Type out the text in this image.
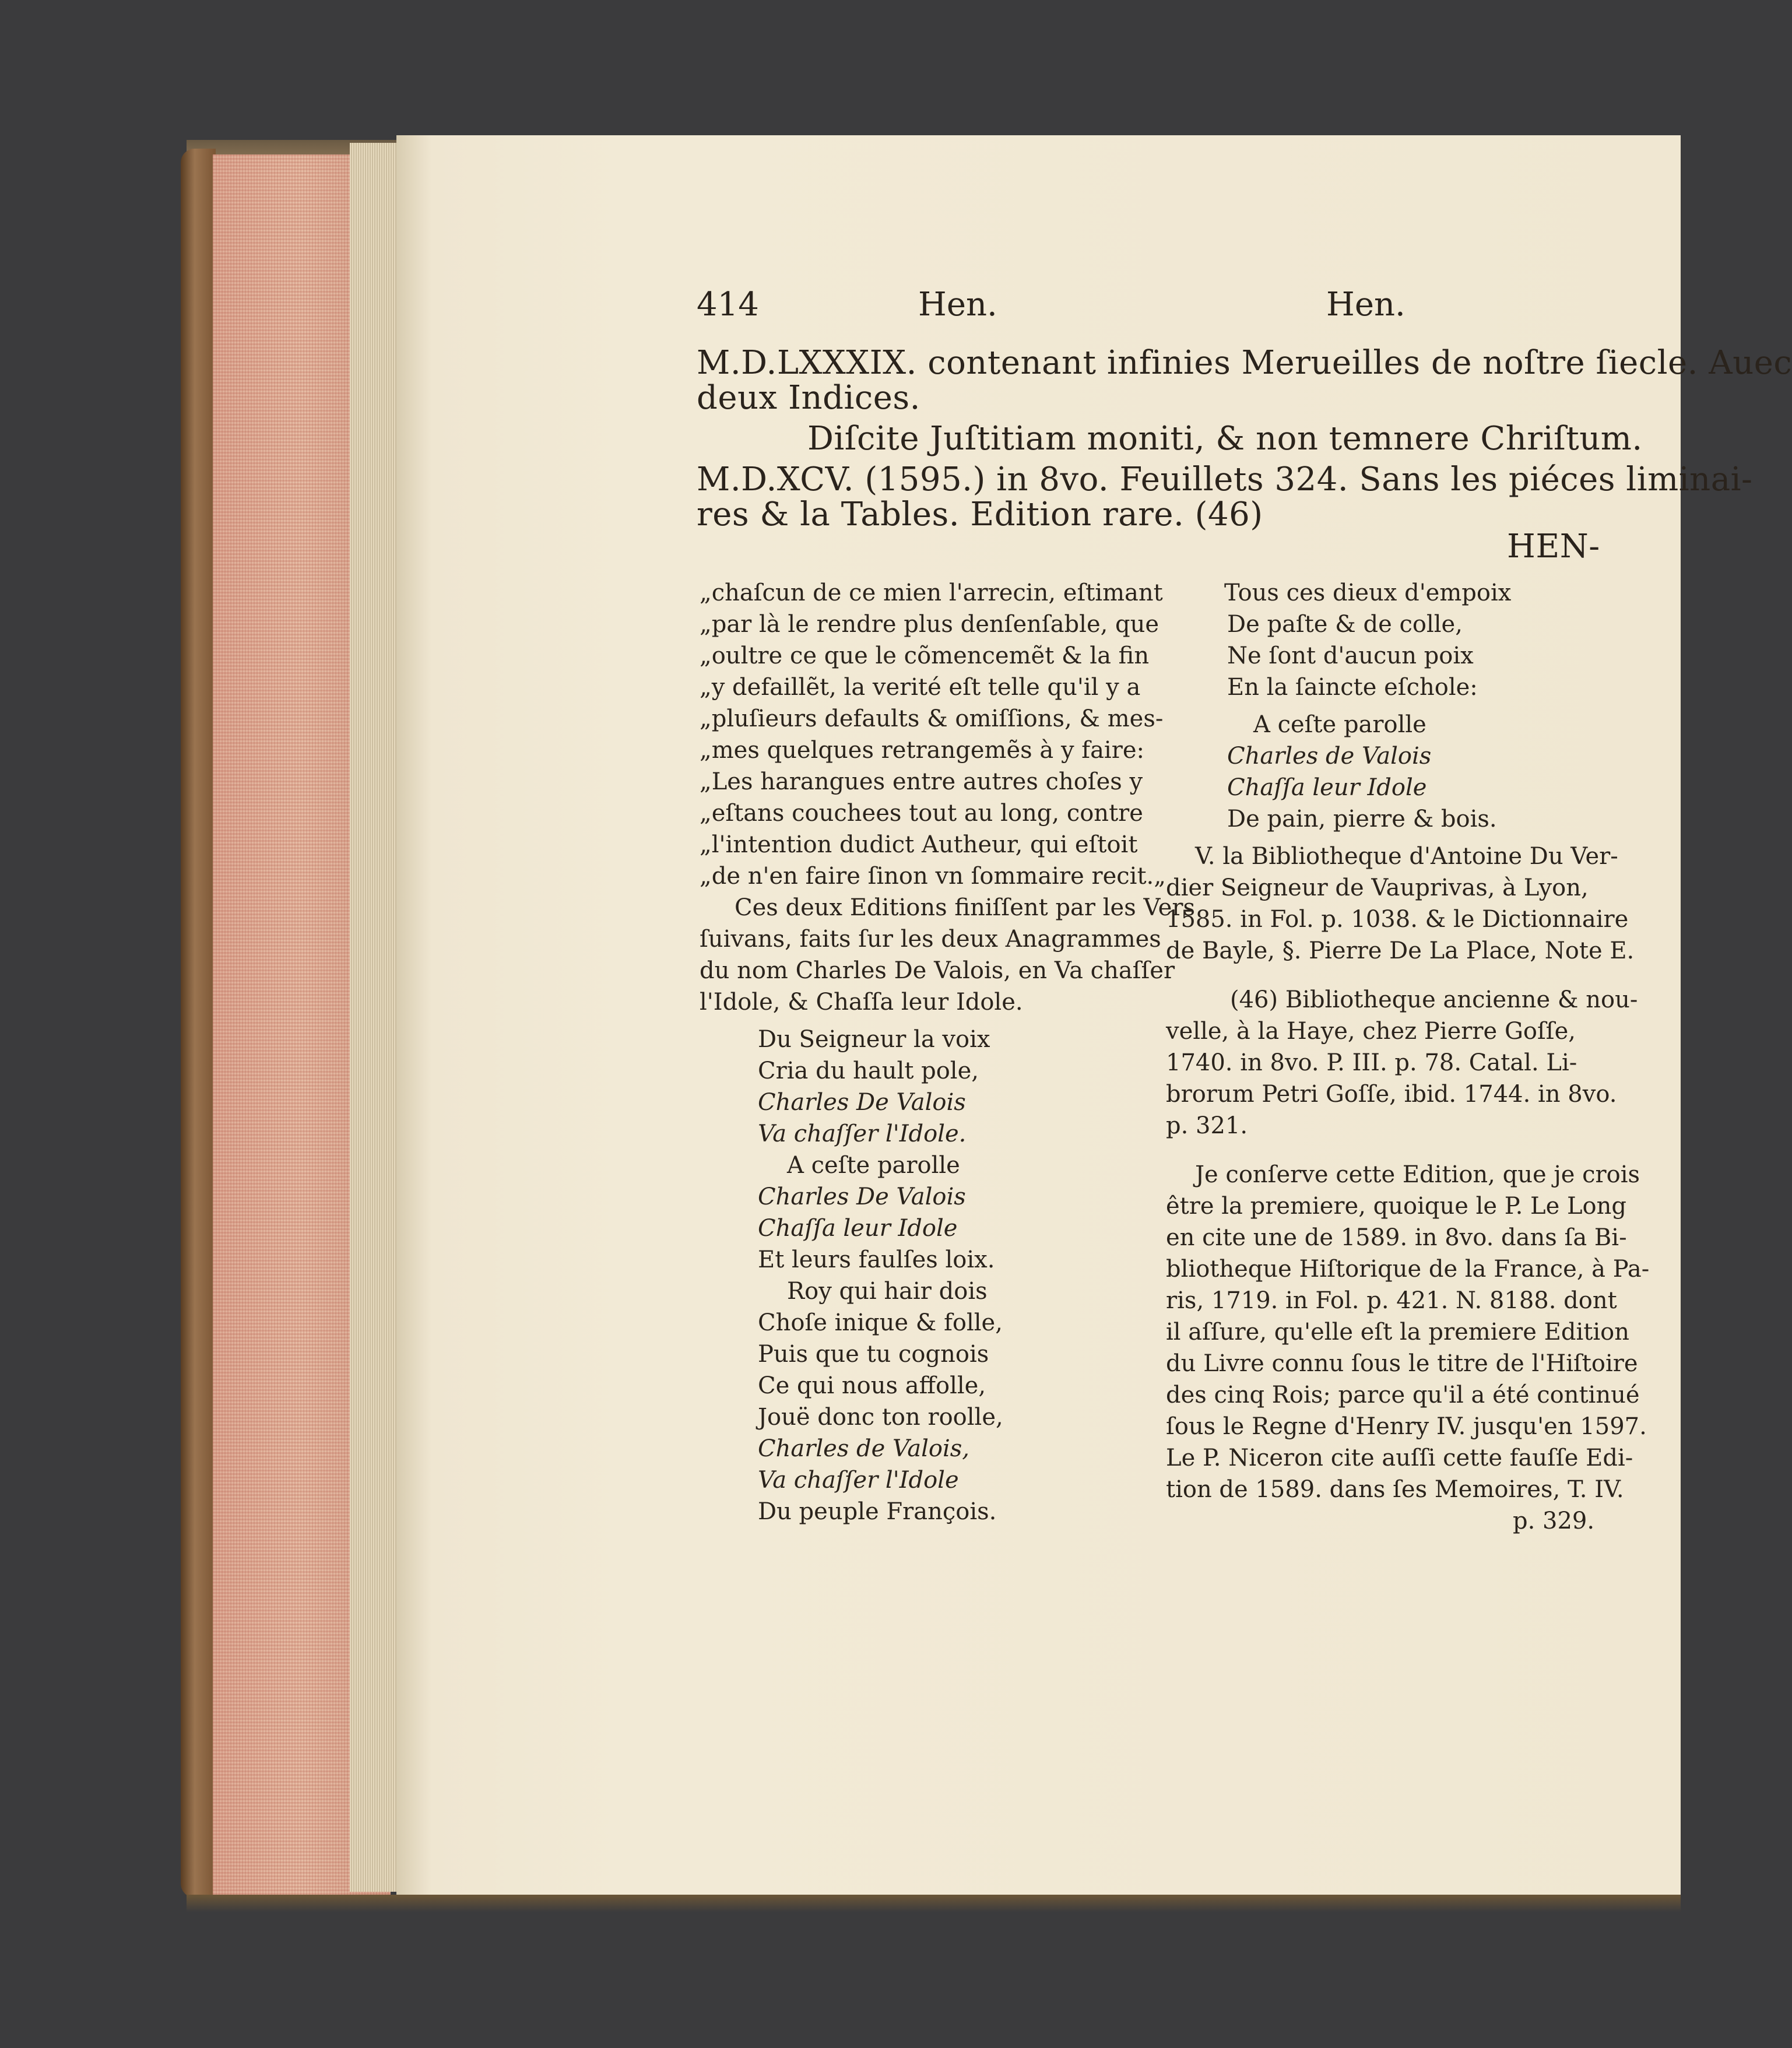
414	Hen.	Hen.
M.D.LXXXIX. contenant infinies Merueilles de noſtre ſiecle. Auec
deux Indices.
Diſcite Juſtitiam moniti, & non temnere Chriſtum.
M.D.XCV. (1595.) in 8vo. Feuillets 324. Sans les piéces liminai-
res & la Tables. Edition rare. (46)
HEN-
„chaſcun de ce mien l'arrecin, eſtimant
„par là le rendre plus denſenſable, que
„oultre ce que le cõmencemẽt & la fin
„y defaillẽt, la verité eſt telle qu'il y a
„pluſieurs defaults & omiſſions, & mes-
„mes quelques retrangemẽs à y faire:
„Les harangues entre autres choſes y
„eſtans couchees tout au long, contre
„l'intention dudict Autheur, qui eſtoit
„de n'en faire ſinon vn ſommaire recit.„
Ces deux Editions finiſſent par les Vers
ſuivans, faits ſur les deux Anagrammes
du nom Charles De Valois, en Va chaſſer
l'Idole, & Chaſſa leur Idole.
Du Seigneur la voix
Cria du hault pole,
Charles De Valois
Va chaſſer l'Idole.
A ceſte parolle
Charles De Valois
Chaſſa leur Idole
Et leurs faulſes loix.
Roy qui hair dois
Choſe inique & folle,
Puis que tu cognois
Ce qui nous affolle,
Jouë donc ton roolle,
Charles de Valois,
Va chaſſer l'Idole
Du peuple François.
Tous ces dieux d'empoix
De paſte & de colle,
Ne ſont d'aucun poix
En la ſaincte eſchole:
A ceſte parolle
Charles de Valois
Chaſſa leur Idole
De pain, pierre & bois.
V. la Bibliotheque d'Antoine Du Ver-
dier Seigneur de Vauprivas, à Lyon,
1585. in Fol. p. 1038. & le Dictionnaire
de Bayle, §. Pierre De La Place, Note E.
(46) Bibliotheque ancienne & nou-
velle, à la Haye, chez Pierre Goſſe,
1740. in 8vo. P. III. p. 78. Catal. Li-
brorum Petri Goſſe, ibid. 1744. in 8vo.
p. 321.
Je conſerve cette Edition, que je crois
être la premiere, quoique le P. Le Long
en cite une de 1589. in 8vo. dans ſa Bi-
bliotheque Hiſtorique de la France, à Pa-
ris, 1719. in Fol. p. 421. N. 8188. dont
il aſſure, qu'elle eſt la premiere Edition
du Livre connu ſous le titre de l'Hiſtoire
des cinq Rois; parce qu'il a été continué
ſous le Regne d'Henry IV. jusqu'en 1597.
Le P. Niceron cite auſſi cette fauſſe Edi-
tion de 1589. dans ſes Memoires, T. IV.
p. 329.
